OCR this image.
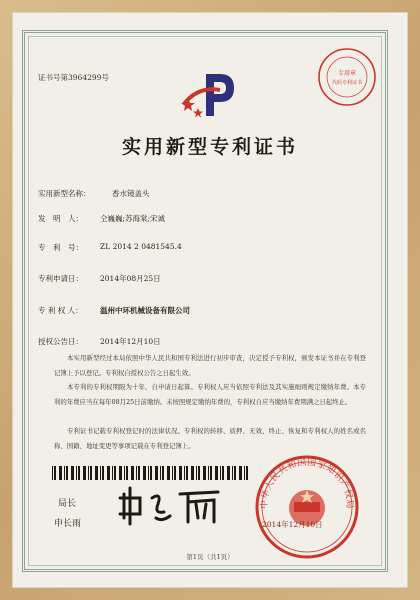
证书号第3964299号	专用章
代码专利证书
实用新型专利证书
实用新型名称：	香水镜盖头
发　明　人： 仝巍巍;苏海棠;宋诚
专　利　号： ZL 2014 2 0481545.4
专利申请日： 2014年08月25日
专 利 权 人： 温州中环机械设备有限公司
授权公告日： 2014年12月10日
本实用新型经过本局依照中华人民共和国专利法进行初步审查，决定授予专利权，颁发本证书并在专利登记簿上予以登记。专利权自授权公告之日起生效。
本专利的专利权期限为十年，自申请日起算。专利权人应当依照专利法及其实施细则规定缴纳年费。本专利的年费应当在每年08月25日前缴纳。未按照规定缴纳年费的，专利权自应当缴纳年费期满之日起终止。
专利证书记载专利权登记时的法律状况。专利权的转移、质押、无效、终止、恢复和专利权人的姓名或名称、国籍、地址变更等事项记载在专利登记簿上。
局长
申长雨
中华人民共和国国家知识产权局
2014年12月10日
第1页（共1页）
